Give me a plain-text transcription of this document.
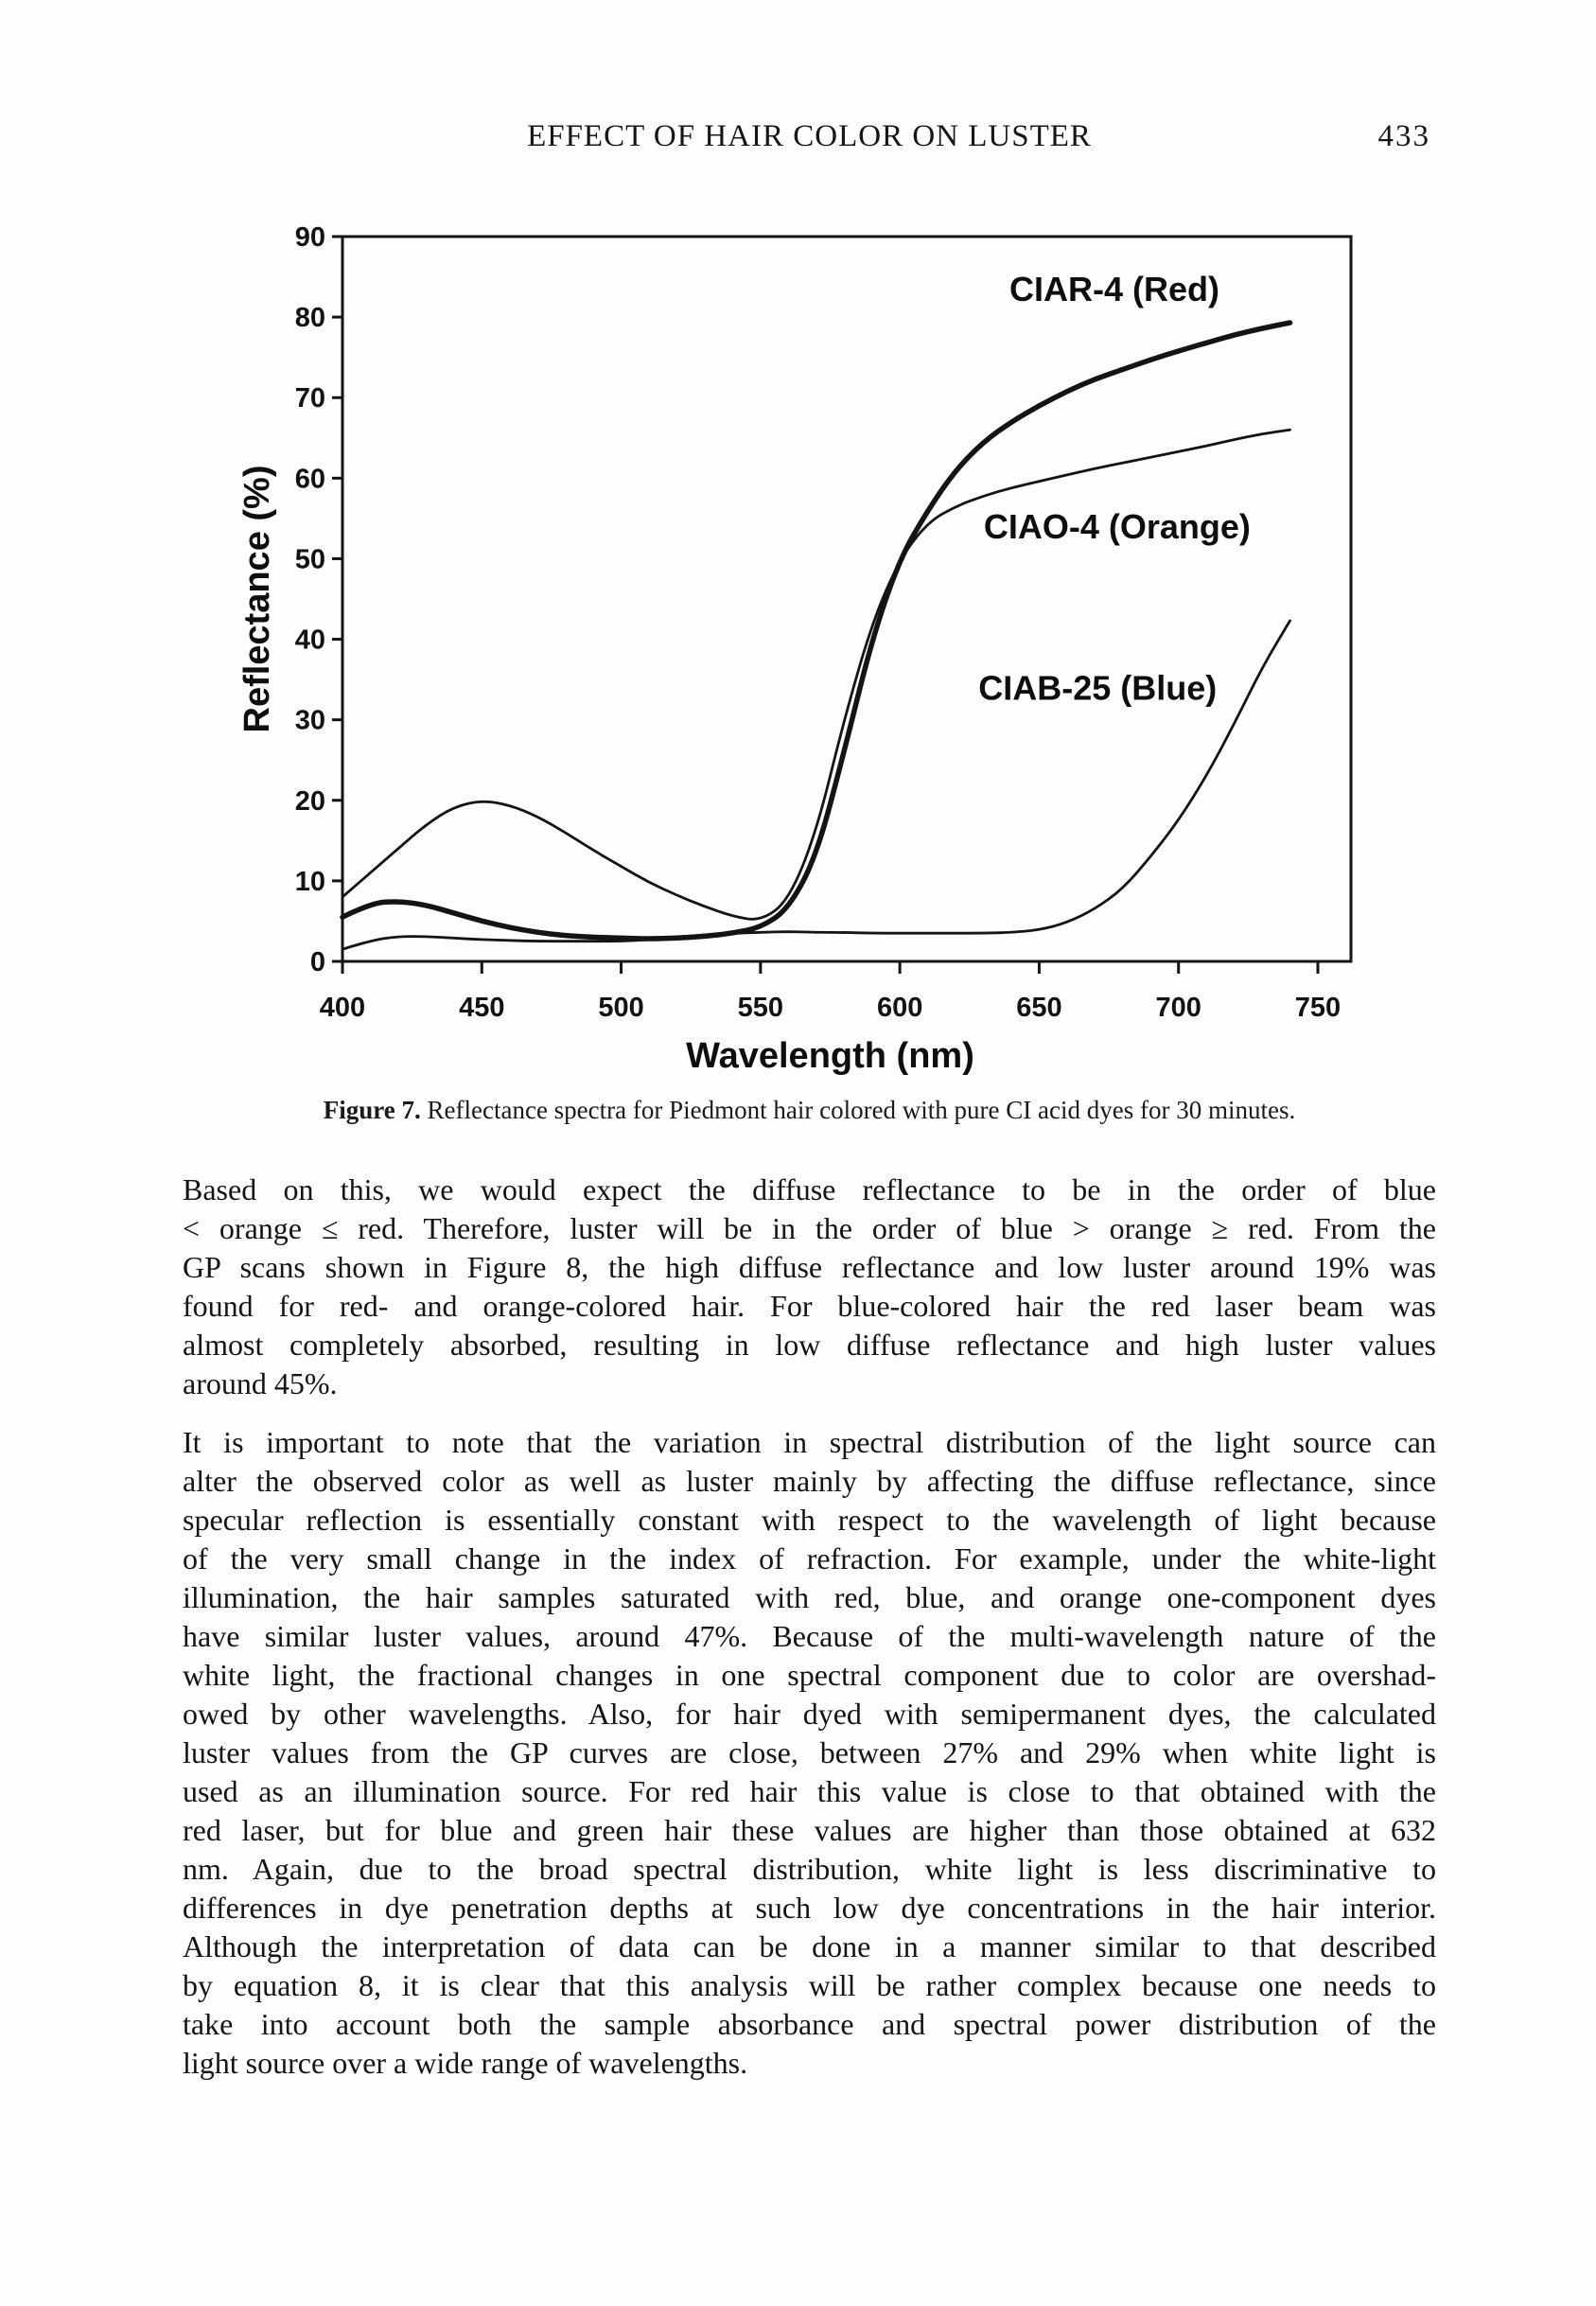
EFFECT OF HAIR COLOR ON LUSTER	433
0
10
20
30
40
50
60
70
80
90
400	450	500	550	600	650	700	750
Wavelength (nm)
Reflectance (%)
CIAR-4 (Red)
CIAO-4 (Orange)
CIAB-25 (Blue)
Figure 7. Reflectance spectra for Piedmont hair colored with pure CI acid dyes for 30 minutes.
Based on this, we would expect the diffuse reflectance to be in the order of blue
< orange ≤ red. Therefore, luster will be in the order of blue > orange ≥ red. From the
GP scans shown in Figure 8, the high diffuse reflectance and low luster around 19% was
found for red- and orange-colored hair. For blue-colored hair the red laser beam was
almost completely absorbed, resulting in low diffuse reflectance and high luster values
around 45%.
It is important to note that the variation in spectral distribution of the light source can
alter the observed color as well as luster mainly by affecting the diffuse reflectance, since
specular reflection is essentially constant with respect to the wavelength of light because
of the very small change in the index of refraction. For example, under the white-light
illumination, the hair samples saturated with red, blue, and orange one-component dyes
have similar luster values, around 47%. Because of the multi-wavelength nature of the
white light, the fractional changes in one spectral component due to color are overshad-
owed by other wavelengths. Also, for hair dyed with semipermanent dyes, the calculated
luster values from the GP curves are close, between 27% and 29% when white light is
used as an illumination source. For red hair this value is close to that obtained with the
red laser, but for blue and green hair these values are higher than those obtained at 632
nm. Again, due to the broad spectral distribution, white light is less discriminative to
differences in dye penetration depths at such low dye concentrations in the hair interior.
Although the interpretation of data can be done in a manner similar to that described
by equation 8, it is clear that this analysis will be rather complex because one needs to
take into account both the sample absorbance and spectral power distribution of the
light source over a wide range of wavelengths.
